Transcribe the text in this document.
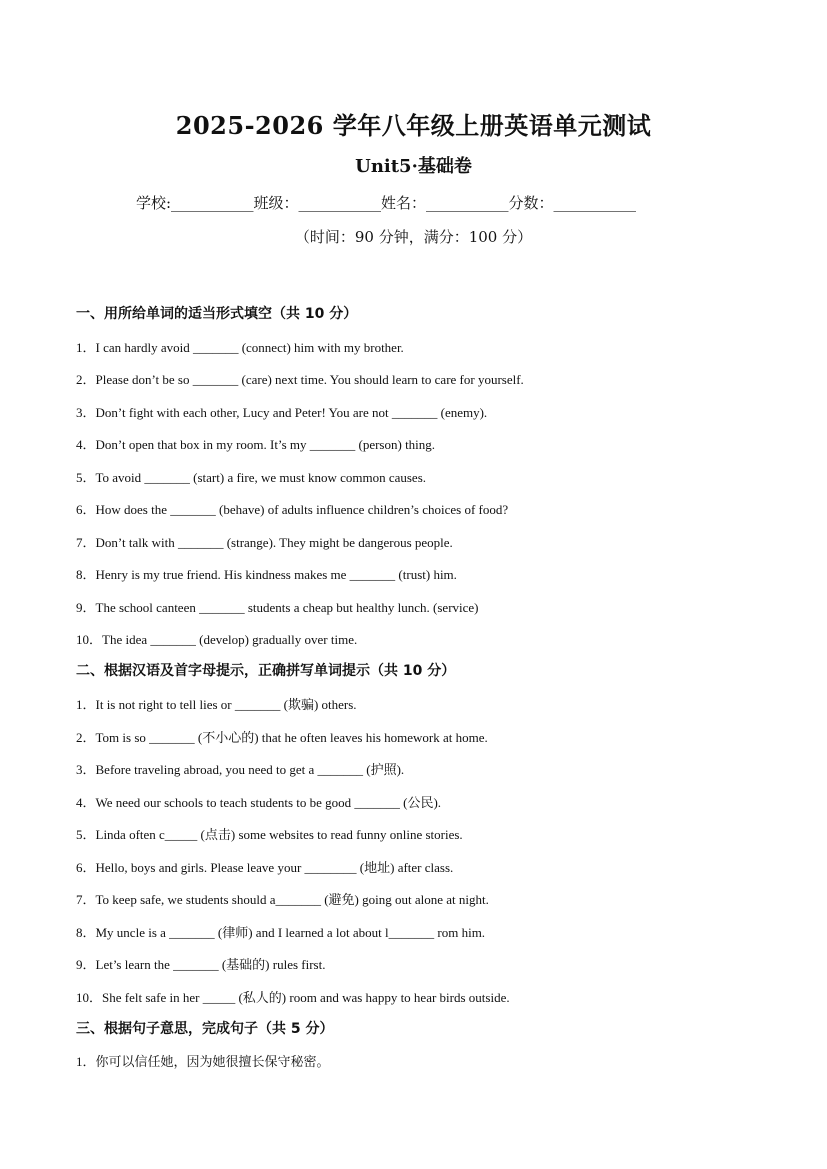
2025-2026 学年八年级上册英语单元测试
Unit5·基础卷
学校:___________班级：___________姓名：___________分数：___________
（时间：90 分钟，满分：100 分）
一、用所给单词的适当形式填空（共 10 分）
1．I can hardly avoid _______ (connect) him with my brother.
2．Please don’t be so _______ (care) next time. You should learn to care for yourself.
3．Don’t fight with each other, Lucy and Peter! You are not _______ (enemy).
4．Don’t open that box in my room. It’s my _______ (person) thing.
5．To avoid _______ (start) a fire, we must know common causes.
6．How does the _______ (behave) of adults influence children’s choices of food?
7．Don’t talk with _______ (strange). They might be dangerous people.
8．Henry is my true friend. His kindness makes me _______ (trust) him.
9．The school canteen _______ students a cheap but healthy lunch. (service)
10．The idea _______ (develop) gradually over time.
二、根据汉语及首字母提示，正确拼写单词提示（共 10 分）
1．It is not right to tell lies or _______ (欺骗) others.
2．Tom is so _______ (不小心的) that he often leaves his homework at home.
3．Before traveling abroad, you need to get a _______ (护照).
4．We need our schools to teach students to be good _______ (公民).
5．Linda often c_____ (点击) some websites to read funny online stories.
6．Hello, boys and girls. Please leave your ________ (地址) after class.
7．To keep safe, we students should a_______ (避免) going out alone at night.
8．My uncle is a _______ (律师) and I learned a lot about l_______ rom him.
9．Let’s learn the _______ (基础的) rules first.
10．She felt safe in her _____ (私人的) room and was happy to hear birds outside.
三、根据句子意思，完成句子（共 5 分）
1．你可以信任她，因为她很擅长保守秘密。
